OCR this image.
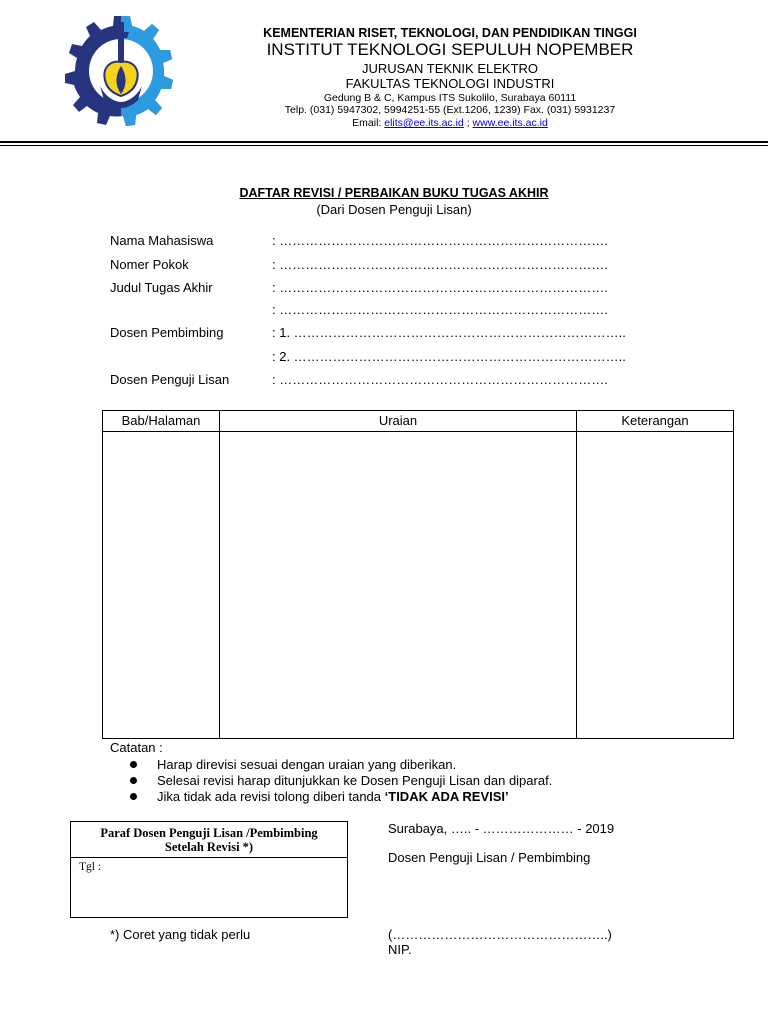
KEMENTERIAN RISET, TEKNOLOGI, DAN PENDIDIKAN TINGGI
INSTITUT TEKNOLOGI SEPULUH NOPEMBER
JURUSAN TEKNIK ELEKTRO
FAKULTAS TEKNOLOGI INDUSTRI
Gedung B & C, Kampus ITS Sukolilo, Surabaya 60111
Telp. (031) 5947302, 5994251-55 (Ext.1206, 1239) Fax. (031) 5931237
Email: elits@ee.its.ac.id ; www.ee.its.ac.id
DAFTAR REVISI / PERBAIKAN BUKU TUGAS AKHIR
(Dari Dosen Penguji Lisan)
Nama Mahasiswa	: ………………………………………………………………….
Nomer Pokok	: ………………………………………………………………….
Judul Tugas Akhir	: ………………………………………………………………….
: ………………………………………………………………….
Dosen Pembimbing	: 1. …………………………………………………………………..
: 2. …………………………………………………………………..
Dosen Penguji Lisan	: ………………………………………………………………….
Bab/Halaman	Uraian	Keterangan
Catatan :
Harap direvisi sesuai dengan uraian yang diberikan.
Selesai revisi harap ditunjukkan ke Dosen Penguji Lisan dan diparaf.
Jika tidak ada revisi tolong diberi tanda ‘TIDAK ADA REVISI’
Paraf Dosen Penguji Lisan /Pembimbing
Setelah Revisi *)
Tgl :
Surabaya, ….. - ………………… - 2019
Dosen Penguji Lisan / Pembimbing
(…………………………………………..)
NIP.
*) Coret yang tidak perlu
